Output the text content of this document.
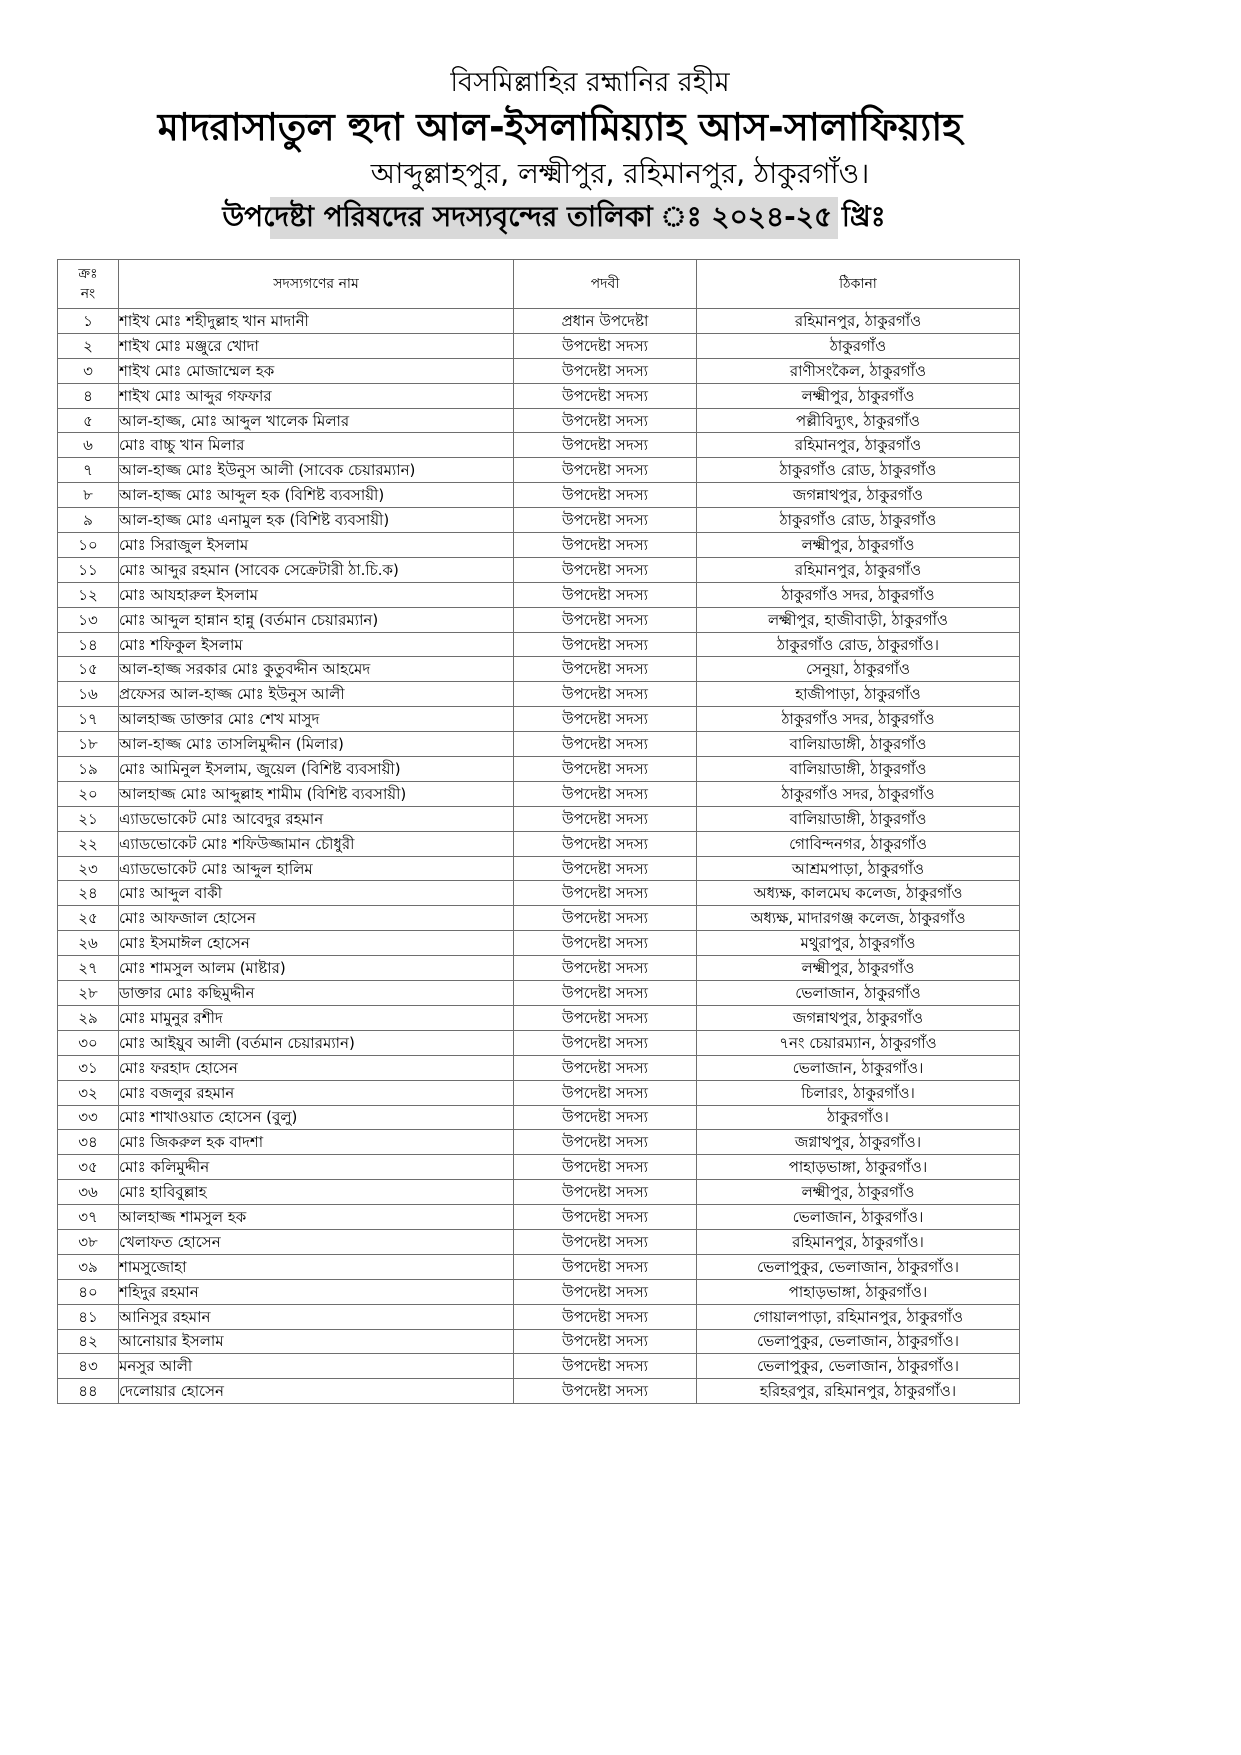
বিসমিল্লাহির রহ্মানির রহীম
মাদরাসাতুল হুদা আল-ইসলামিয়্যাহ আস-সালাফিয়্যাহ
আব্দুল্লাহপুর, লক্ষ্মীপুর, রহিমানপুর, ঠাকুরগাঁও।
উপদেষ্টা পরিষদের সদস্যবৃন্দের তালিকা ঃ ২০২৪-২৫ খ্রিঃ
ক্রঃ
নং	সদস্যগণের নাম	পদবী	ঠিকানা
১	শাইখ মোঃ শহীদুল্লাহ খান মাদানী	প্রধান উপদেষ্টা	রহিমানপুর, ঠাকুরগাঁও
২	শাইখ মোঃ মঞ্জুরে খোদা	উপদেষ্টা সদস্য	ঠাকুরগাঁও
৩	শাইখ মোঃ মোজাম্মেল হক	উপদেষ্টা সদস্য	রাণীসংকৈল, ঠাকুরগাঁও
৪	শাইখ মোঃ আব্দুর গফফার	উপদেষ্টা সদস্য	লক্ষ্মীপুর, ঠাকুরগাঁও
৫	আল-হাজ্জ, মোঃ আব্দুল খালেক মিলার	উপদেষ্টা সদস্য	পল্লীবিদ্যুৎ, ঠাকুরগাঁও
৬	মোঃ বাচ্চু খান মিলার	উপদেষ্টা সদস্য	রহিমানপুর, ঠাকুরগাঁও
৭	আল-হাজ্জ মোঃ ইউনুস আলী (সাবেক চেয়ারম্যান)	উপদেষ্টা সদস্য	ঠাকুরগাঁও রোড, ঠাকুরগাঁও
৮	আল-হাজ্জ মোঃ আব্দুল হক (বিশিষ্ট ব্যবসায়ী)	উপদেষ্টা সদস্য	জগন্নাথপুর, ঠাকুরগাঁও
৯	আল-হাজ্জ মোঃ এনামুল হক (বিশিষ্ট ব্যবসায়ী)	উপদেষ্টা সদস্য	ঠাকুরগাঁও রোড, ঠাকুরগাঁও
১০	মোঃ সিরাজুল ইসলাম	উপদেষ্টা সদস্য	লক্ষ্মীপুর, ঠাকুরগাঁও
১১	মোঃ আব্দুর রহমান (সাবেক সেক্রেটারী ঠা.চি.ক)	উপদেষ্টা সদস্য	রহিমানপুর, ঠাকুরগাঁও
১২	মোঃ আযহারুল ইসলাম	উপদেষ্টা সদস্য	ঠাকুরগাঁও সদর, ঠাকুরগাঁও
১৩	মোঃ আব্দুল হান্নান হান্নু (বর্তমান চেয়ারম্যান)	উপদেষ্টা সদস্য	লক্ষ্মীপুর, হাজীবাড়ী, ঠাকুরগাঁও
১৪	মোঃ শফিকুল ইসলাম	উপদেষ্টা সদস্য	ঠাকুরগাঁও রোড, ঠাকুরগাঁও।
১৫	আল-হাজ্জ সরকার মোঃ কুতুবদ্দীন আহমেদ	উপদেষ্টা সদস্য	সেনুয়া, ঠাকুরগাঁও
১৬	প্রফেসর আল-হাজ্জ মোঃ ইউনুস আলী	উপদেষ্টা সদস্য	হাজীপাড়া, ঠাকুরগাঁও
১৭	আলহাজ্জ ডাক্তার মোঃ শেখ মাসুদ	উপদেষ্টা সদস্য	ঠাকুরগাঁও সদর, ঠাকুরগাঁও
১৮	আল-হাজ্জ মোঃ তাসলিমুদ্দীন (মিলার)	উপদেষ্টা সদস্য	বালিয়াডাঙ্গী, ঠাকুরগাঁও
১৯	মোঃ আমিনুল ইসলাম, জুয়েল (বিশিষ্ট ব্যবসায়ী)	উপদেষ্টা সদস্য	বালিয়াডাঙ্গী, ঠাকুরগাঁও
২০	আলহাজ্জ মোঃ আব্দুল্লাহ শামীম (বিশিষ্ট ব্যবসায়ী)	উপদেষ্টা সদস্য	ঠাকুরগাঁও সদর, ঠাকুরগাঁও
২১	এ্যাডভোকেট মোঃ আবেদুর রহমান	উপদেষ্টা সদস্য	বালিয়াডাঙ্গী, ঠাকুরগাঁও
২২	এ্যাডভোকেট মোঃ শফিউজ্জামান চৌধুরী	উপদেষ্টা সদস্য	গোবিন্দনগর, ঠাকুরগাঁও
২৩	এ্যাডভোকেট মোঃ আব্দুল হালিম	উপদেষ্টা সদস্য	আশ্রমপাড়া, ঠাকুরগাঁও
২৪	মোঃ আব্দুল বাকী	উপদেষ্টা সদস্য	অধ্যক্ষ, কালমেঘ কলেজ, ঠাকুরগাঁও
২৫	মোঃ আফজাল হোসেন	উপদেষ্টা সদস্য	অধ্যক্ষ, মাদারগঞ্জ কলেজ, ঠাকুরগাঁও
২৬	মোঃ ইসমাঈল হোসেন	উপদেষ্টা সদস্য	মথুরাপুর, ঠাকুরগাঁও
২৭	মোঃ শামসুল আলম (মাষ্টার)	উপদেষ্টা সদস্য	লক্ষ্মীপুর, ঠাকুরগাঁও
২৮	ডাক্তার মোঃ কছিমুদ্দীন	উপদেষ্টা সদস্য	ভেলাজান, ঠাকুরগাঁও
২৯	মোঃ মামুনুর রশীদ	উপদেষ্টা সদস্য	জগন্নাথপুর, ঠাকুরগাঁও
৩০	মোঃ আইয়ুব আলী (বর্তমান চেয়ারম্যান)	উপদেষ্টা সদস্য	৭নং চেয়ারম্যান, ঠাকুরগাঁও
৩১	মোঃ ফরহাদ হোসেন	উপদেষ্টা সদস্য	ভেলাজান, ঠাকুরগাঁও।
৩২	মোঃ বজলুর রহমান	উপদেষ্টা সদস্য	চিলারং, ঠাকুরগাঁও।
৩৩	মোঃ শাখাওয়াত হোসেন (বুলু)	উপদেষ্টা সদস্য	ঠাকুরগাঁও।
৩৪	মোঃ জিকরুল হক বাদশা	উপদেষ্টা সদস্য	জগ্নাথপুর, ঠাকুরগাঁও।
৩৫	মোঃ কলিমুদ্দীন	উপদেষ্টা সদস্য	পাহাড়ভাঙ্গা, ঠাকুরগাঁও।
৩৬	মোঃ হাবিবুল্লাহ	উপদেষ্টা সদস্য	লক্ষ্মীপুর, ঠাকুরগাঁও
৩৭	আলহাজ্জ শামসুল হক	উপদেষ্টা সদস্য	ভেলাজান, ঠাকুরগাঁও।
৩৮	খেলাফত হোসেন	উপদেষ্টা সদস্য	রহিমানপুর, ঠাকুরগাঁও।
৩৯	শামসুজোহা	উপদেষ্টা সদস্য	ভেলাপুকুর, ভেলাজান, ঠাকুরগাঁও।
৪০	শহিদুর রহমান	উপদেষ্টা সদস্য	পাহাড়ভাঙ্গা, ঠাকুরগাঁও।
৪১	আনিসুর রহমান	উপদেষ্টা সদস্য	গোয়ালপাড়া, রহিমানপুর, ঠাকুরগাঁও
৪২	আনোয়ার ইসলাম	উপদেষ্টা সদস্য	ভেলাপুকুর, ভেলাজান, ঠাকুরগাঁও।
৪৩	মনসুর আলী	উপদেষ্টা সদস্য	ভেলাপুকুর, ভেলাজান, ঠাকুরগাঁও।
৪৪	দেলোয়ার হোসেন	উপদেষ্টা সদস্য	হরিহরপুর, রহিমানপুর, ঠাকুরগাঁও।
